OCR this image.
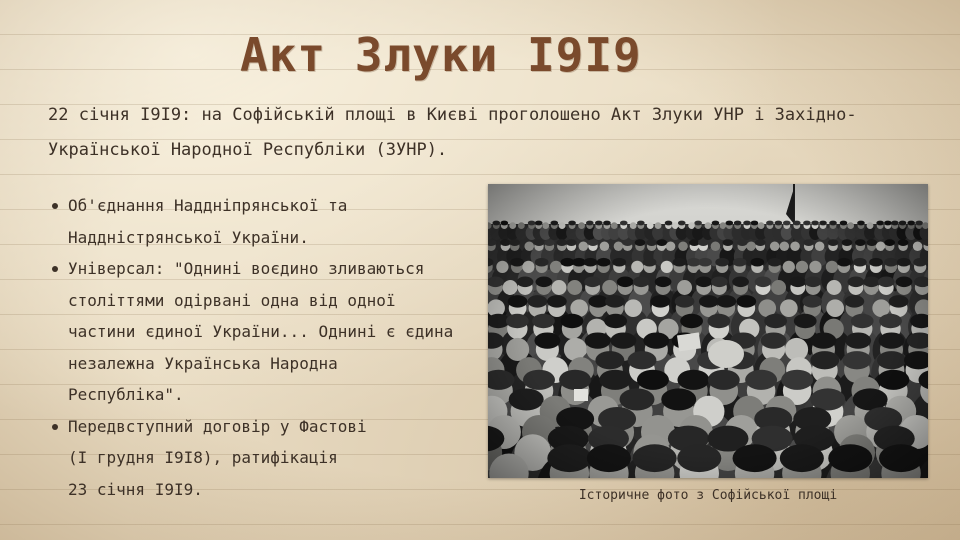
Акт Злуки I9I9

22 січня I9I9: на Софійській площі в Києві проголошено Акт Злуки УНР і Західно-Української Народної Республіки (ЗУНР).

Об'єднання Наддніпрянської та
Наддністрянської України.
Універсал: "Однині воєдино зливаються
століттями одірвані одна від одної
частини єдиної України... Однині є єдина
незалежна Українська Народна
Республіка".
Передвступний договір у Фастові
(I грудня I9I8), ратифікація
23 січня I9I9.	Історичне фото з Софійської площі
